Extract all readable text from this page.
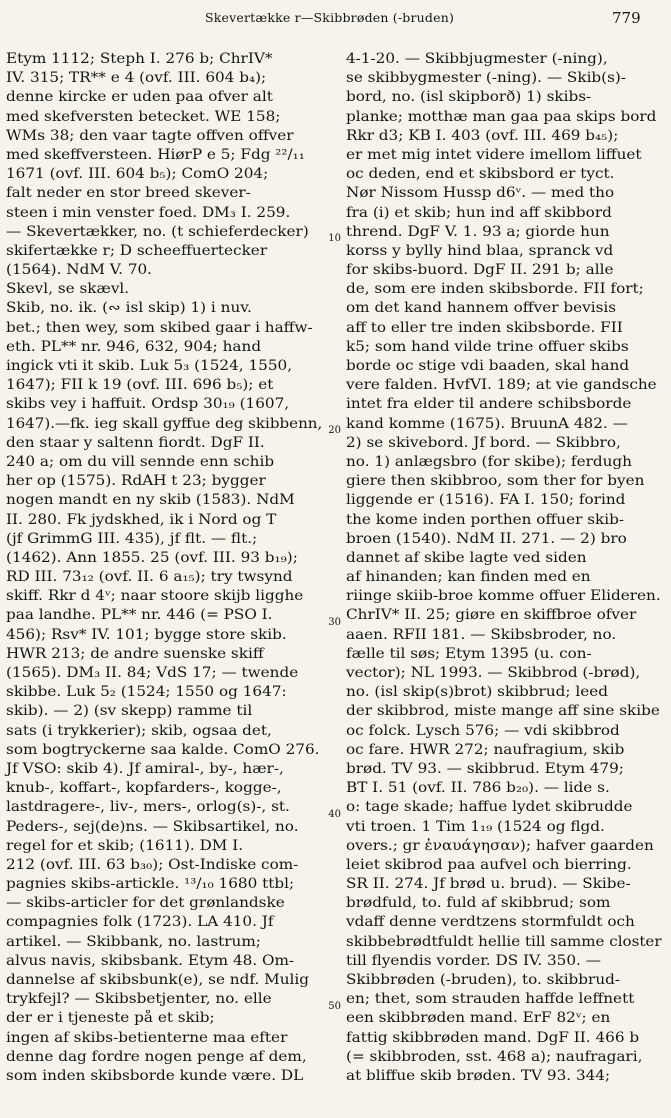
Skevertække r—Skibbrøden (-bruden)	779
Etym 1112; Steph I. 276 b; ChrIV*
IV. 315; TR** e 4 (ovf. III. 604 b₄);
denne kircke er uden paa ofver alt
med skefversten betecket. WE 158;
WMs 38; den vaar tagte offven offver
med skeffversteen. HiørP e 5; Fdg ²²/₁₁
1671 (ovf. III. 604 b₅); ComO 204;
falt neder en stor breed skever-
steen i min venster foed. DM₃ I. 259.
— Skevertækker, no. (t schieferdecker)
skifertække r; D scheeffuertecker
(1564). NdM V. 70.
Skevl, se skævl.
Skib, no. ik. (∾ isl skip) 1) i nuv.
bet.; then wey, som skibed gaar i haffw-
eth. PL** nr. 946, 632, 904; hand
ingick vti it skib. Luk 5₃ (1524, 1550,
1647); FII k 19 (ovf. III. 696 b₅); et
skibs vey i haffuit. Ordsp 30₁₉ (1607,
1647).—fk. ieg skall gyffue deg skibbenn,
den staar y saltenn fiordt. DgF II.
240 a; om du vill sennde enn schib
her op (1575). RdAH t 23; bygger
nogen mandt en ny skib (1583). NdM
II. 280. Fk jydskhed, ik i Nord og T
(jf GrimmG III. 435), jf flt. — flt.;
(1462). Ann 1855. 25 (ovf. III. 93 b₁₉);
RD III. 73₁₂ (ovf. II. 6 a₁₅); try twsynd
skiff. Rkr d 4ᵛ; naar stoore skijb ligghe
paa landhe. PL** nr. 446 (= PSO I.
456); Rsv* IV. 101; bygge store skib.
HWR 213; de andre suenske skiff
(1565). DM₃ II. 84; VdS 17; — twende
skibbe. Luk 5₂ (1524; 1550 og 1647:
skib). — 2) (sv skepp) ramme til
sats (i trykkerier); skib, ogsaa det,
som bogtryckerne saa kalde. ComO 276.
Jf VSO: skib 4). Jf amiral-, by-, hær-,
knub-, koffart-, kopfarders-, kogge-,
lastdragere-, liv-, mers-, orlog(s)-, st.
Peders-, sej(de)ns. — Skibsartikel, no.
regel for et skib; (1611). DM I.
212 (ovf. III. 63 b₃₀); Ost-Indiske com-
pagnies skibs-artickle. ¹³/₁₀ 1680 ttbl;
— skibs-articler for det grønlandske
compagnies folk (1723). LA 410. Jf
artikel. — Skibbank, no. lastrum;
alvus navis, skibsbank. Etym 48. Om-
dannelse af skibsbunk(e), se ndf. Mulig
trykfejl? — Skibsbetjenter, no. elle
der er i tjeneste på et skib;
ingen af skibs-betienterne maa efter
denne dag fordre nogen penge af dem,
som inden skibsborde kunde være. DL
4-1-20. — Skibbjugmester (-ning),
se skibbygmester (-ning). — Skib(s)-
bord, no. (isl skipborð) 1) skibs-
planke; motthæ man gaa paa skips bord
Rkr d3; KB I. 403 (ovf. III. 469 b₄₅);
er met mig intet videre imellom liffuet
oc deden, end et skibsbord er tyct.
Nør Nissom Hussp d6ᵛ. — med tho
fra (i) et skib; hun ind aff skibbord
thrend. DgF V. 1. 93 a; giorde hun
korss y bylly hind blaa, spranck vd
for skibs-buord. DgF II. 291 b; alle
de, som ere inden skibsborde. FII fort;
om det kand hannem offver bevisis
aff to eller tre inden skibsborde. FII
k5; som hand vilde trine offuer skibs
borde oc stige vdi baaden, skal hand
vere falden. HvfVI. 189; at vie gandsche
intet fra elder til andere schibsborde
kand komme (1675). BruunA 482. —
2) se skivebord. Jf bord. — Skibbro,
no. 1) anlægsbro (for skibe); ferdugh
giere then skibbroo, som ther for byen
liggende er (1516). FA I. 150; forind
the kome inden porthen offuer skib-
broen (1540). NdM II. 271. — 2) bro
dannet af skibe lagte ved siden
af hinanden; kan finden med en
riinge skiib-broe komme offuer Elideren.
ChrIV* II. 25; giøre en skiffbroe ofver
aaen. RFII 181. — Skibsbroder, no.
fælle til søs; Etym 1395 (u. con-
vector); NL 1993. — Skibbrod (-brød),
no. (isl skip(s)brot) skibbrud; leed
der skibbrod, miste mange aff sine skibe
oc folck. Lysch 576; — vdi skibbrod
oc fare. HWR 272; naufragium, skib
brød. TV 93. — skibbrud. Etym 479;
BT I. 51 (ovf. II. 786 b₂₀). — lide s.
o: tage skade; haffue lydet skibrudde
vti troen. 1 Tim 1₁₉ (1524 og flgd.
overs.; gr ἐναυάγησαν); hafver gaarden
leiet skibrod paa aufvel och bierring.
SR II. 274. Jf brød u. brud). — Skibe-
brødfuld, to. fuld af skibbrud; som
vdaff denne verdtzens stormfuldt och
skibbebrødtfuldt hellie till samme closter
till flyendis vorder. DS IV. 350. —
Skibbrøden (-bruden), to. skibbrud-
en; thet, som strauden haffde leffnett
een skibbrøden mand. ErF 82ᵛ; en
fattig skibbrøden mand. DgF II. 466 b
(= skibbroden, sst. 468 a); naufragari,
at bliffue skib brøden. TV 93. 344;
10
20
30
40
50
